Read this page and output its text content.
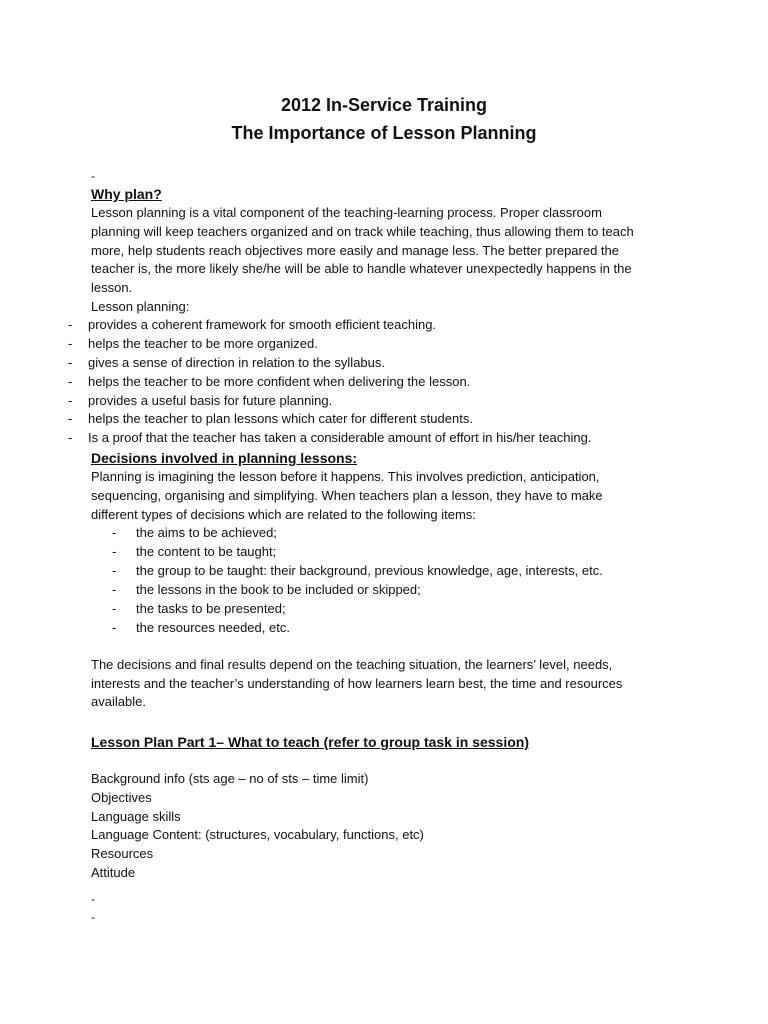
2012 In-Service Training
The Importance of Lesson Planning
-
Why plan?
Lesson planning is a vital component of the teaching-learning process. Proper classroom
planning will keep teachers organized and on track while teaching, thus allowing them to teach
more, help students reach objectives more easily and manage less. The better prepared the
teacher is, the more likely she/he will be able to handle whatever unexpectedly happens in the
lesson.
Lesson planning:
- provides a coherent framework for smooth efficient teaching.
- helps the teacher to be more organized.
- gives a sense of direction in relation to the syllabus.
- helps the teacher to be more confident when delivering the lesson.
- provides a useful basis for future planning.
- helps the teacher to plan lessons which cater for different students.
- Is a proof that the teacher has taken a considerable amount of effort in his/her teaching.
Decisions involved in planning lessons:
Planning is imagining the lesson before it happens. This involves prediction, anticipation,
sequencing, organising and simplifying. When teachers plan a lesson, they have to make
different types of decisions which are related to the following items:
- the aims to be achieved;
- the content to be taught;
- the group to be taught: their background, previous knowledge, age, interests, etc.
- the lessons in the book to be included or skipped;
- the tasks to be presented;
- the resources needed, etc.
The decisions and final results depend on the teaching situation, the learners’ level, needs,
interests and the teacher’s understanding of how learners learn best, the time and resources
available.
Lesson Plan Part 1– What to teach (refer to group task in session)
Background info (sts age – no of sts – time limit)
Objectives
Language skills
Language Content: (structures, vocabulary, functions, etc)
Resources
Attitude
-
-
